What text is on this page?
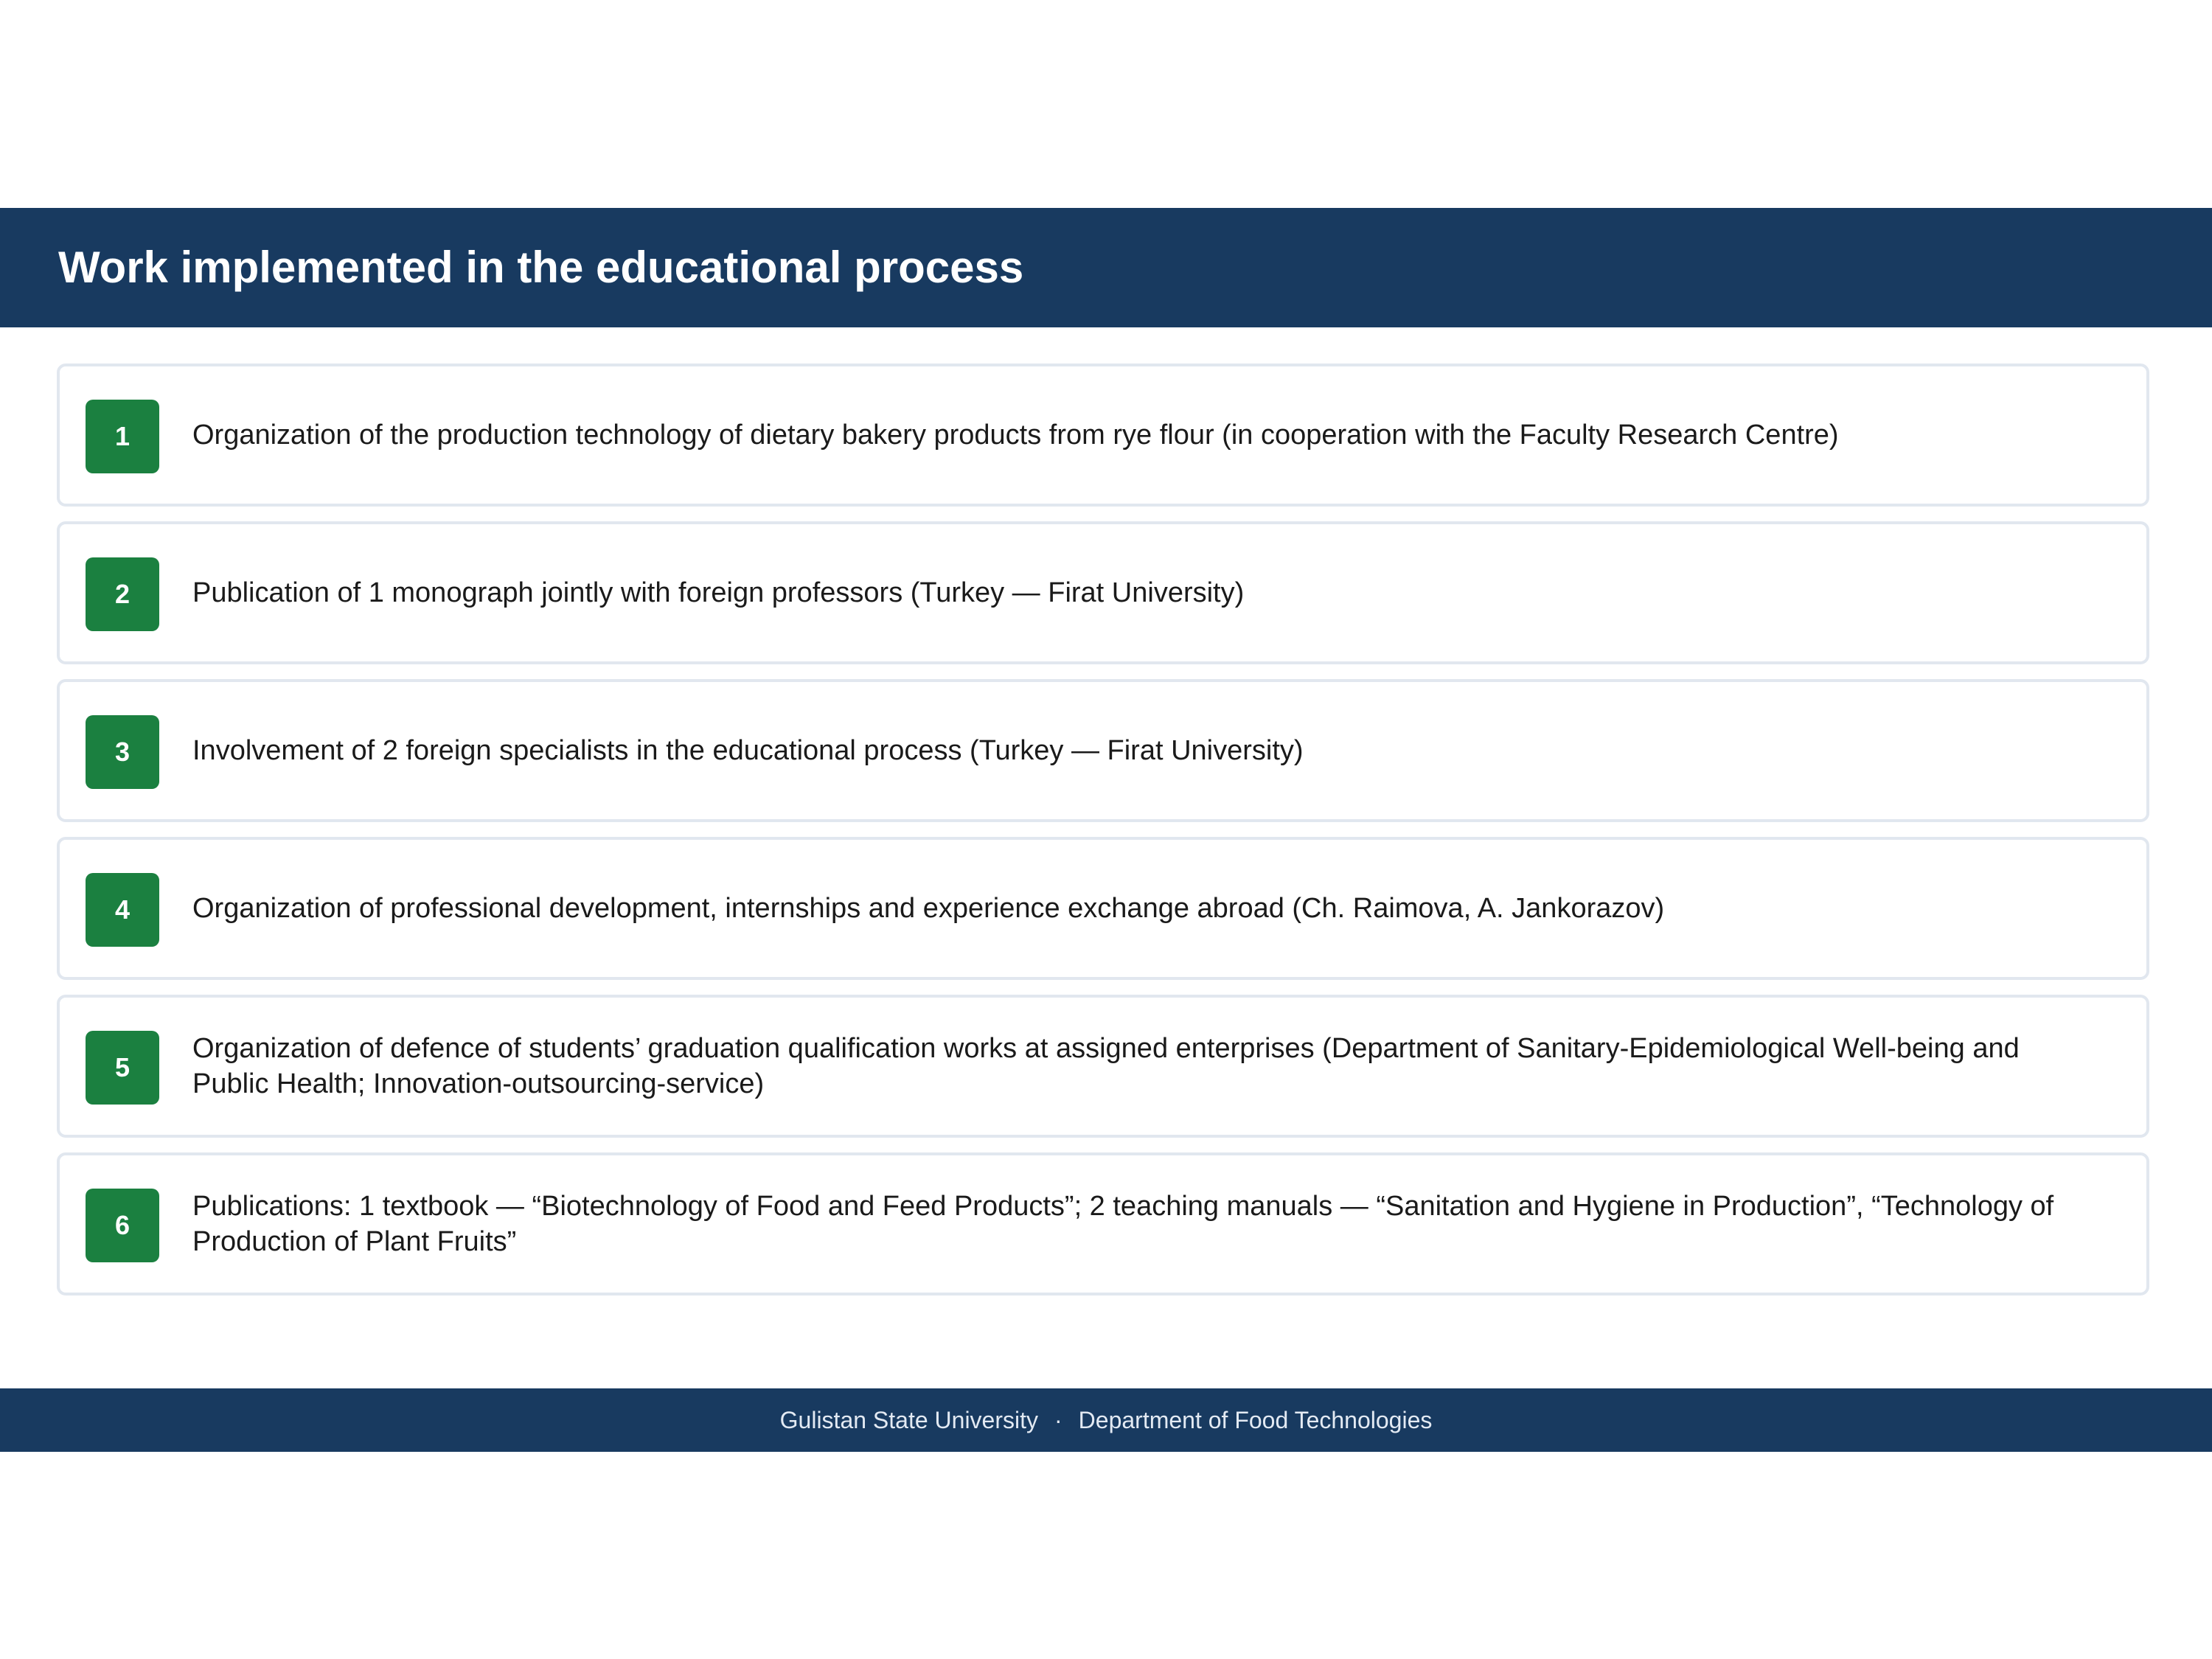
Work implemented in the educational process
1	Organization of the production technology of dietary bakery products from rye flour (in cooperation with the Faculty Research Centre)
2	Publication of 1 monograph jointly with foreign professors (Turkey — Firat University)
3	Involvement of 2 foreign specialists in the educational process (Turkey — Firat University)
4	Organization of professional development, internships and experience exchange abroad (Ch. Raimova, A. Jankorazov)
5
Organization of defence of students’ graduation qualification works at assigned enterprises (Department of Sanitary-Epidemiological Well-being and Public Health; Innovation-outsourcing-service)
6
Publications: 1 textbook — “Biotechnology of Food and Feed Products”; 2 teaching manuals — “Sanitation and Hygiene in Production”, “Technology of Production of Plant Fruits”
Gulistan State University · Department of Food Technologies
